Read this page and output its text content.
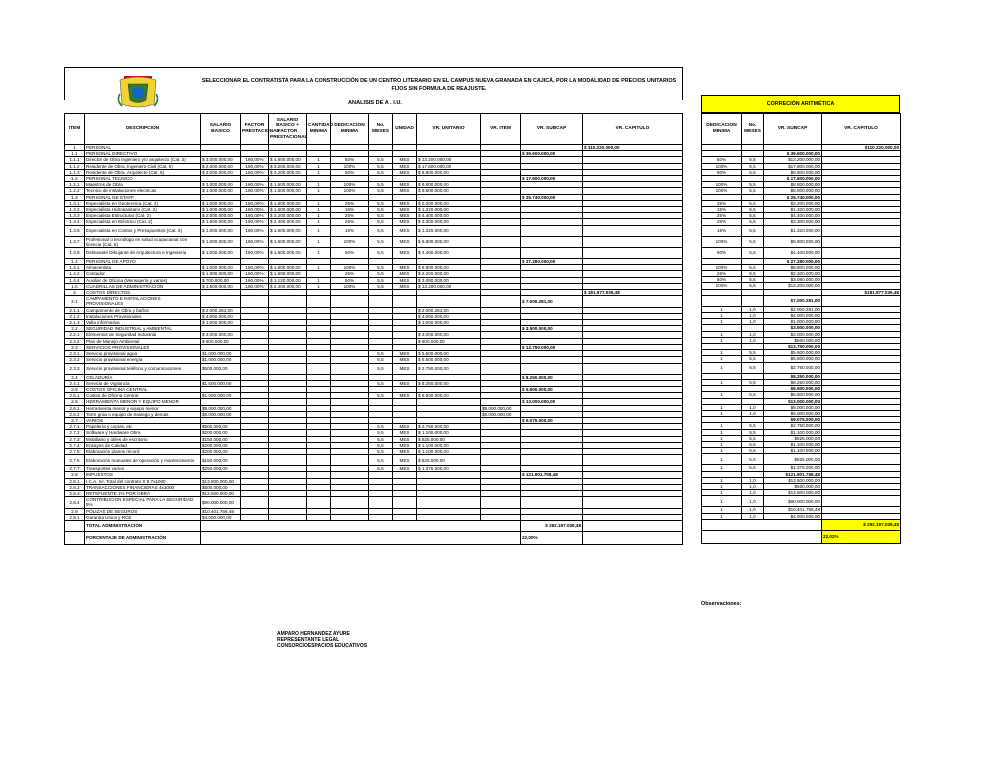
SELECCIONAR EL CONTRATISTA PARA LA CONSTRUCCIÓN DE UN CENTRO LITERARIO EN EL CAMPUS NUEVA GRANADA EN CAJICÁ, POR LA MODALIDAD DE PRECIOS UNITARIOS FIJOS SIN FORMULA DE REAJUSTE.
ANALISIS DE A . I.U.	CORRECIÓN ARITMÉTICA
ITEM	DESCRIPCION	SALARIO BASICO	FACTOR PRESTACIONAL	SALARIO BASICO + FACTOR PRESTACIONAL	CANTIDAD MINIMA	DEDICACION MINIMA	No. MESES	UNIDAD	VR. UNITARIO	VR. ITEM	VR. SUBCAP	VR. CAPITULO
1	PERSONAL											$ 110.220.000,00
1.1	PERSONAL DIRECTIVO										$ 39.600.000,00	
1.1.1	Director de Obra Ingeniero y/o arquitecto (Cat. 2)	$ 3.000.000,00	160,00%	$ 4.800.000,00	1	50%	5,5	MES	$ 13.200.000,00			
1.1.2	Residente de Obra, Ingeniero Civil (Cat. 5)	$ 2.000.000,00	160,00%	$ 3.200.000,00	1	100%	5,5	MES	$ 17.600.000,00			
1.1.3	Residente de Obra, Arquitecto (Cat. 5)	$ 2.000.000,00	160,00%	$ 3.200.000,00	1	50%	5,5	MES	$ 8.800.000,00			
1.2	PERSONAL TECNICO										$ 17.600.000,00	
1.2.1	Maestros de Obra	$ 1.000.000,00	160,00%	$ 1.600.000,00	1	100%	5,5	MES	$ 8.800.000,00			
1.2.2	Tecnico de instalaciones electricas	$ 1.000.000,00	160,00%	$ 1.600.000,00	1	100%	5,5	MES	$ 8.800.000,00			
1.3	PERSONAL DE STAFF										$ 25.740.000,00	
1.3.1	Especialista en Geotecnica (Cat. 2)	$ 1.000.000,00	160,00%	$ 1.600.000,00	1	25%	5,5	MES	$ 2.200.000,00			
1.3.2	Especialista Hidrosanitario (Cat. 2)	$ 1.000.000,00	160,00%	$ 1.600.000,00	1	15%	5,5	MES	$ 1.320.000,00			
1.3.3	Especialista Estructurar (Cat. 2)	$ 2.000.000,00	160,00%	$ 3.200.000,00	1	25%	5,5	MES	$ 4.400.000,00			
1.3.4	Especialista en Eléctrico (Cat. 2)	$ 1.500.000,00	160,00%	$ 2.400.000,00	1	25%	5,5	MES	$ 3.300.000,00			
1.3.6	Especialista en Costos y Presupuestos (Cat. 5)	$ 1.000.000,00	160,00%	$ 1.600.000,00	1	15%	5,5	MES	$ 1.320.000,00			
1.3.7	Profesional o tecnólogo en salud ocupacional con licencia (Cat. 5)	$ 1.000.000,00	160,00%	$ 1.600.000,00	1	100%	5,5	MES	$ 8.800.000,00			
1.3.8	Delineante Dibujante de Arquitectura e Ingeniería	$ 1.000.000,00	160,00%	$ 1.600.000,00	1	50%	5,5	MES	$ 4.400.000,00			
1.4	PERSONAL DE APOYO										$ 27.280.000,00	
1.4.1	Almacenista	$ 1.000.000,00	160,00%	$ 1.600.000,00	1	100%	5,5	MES	$ 8.800.000,00			
1.4.2	Contador	$ 1.000.000,00	160,00%	$ 1.600.000,00		25%	5,5	MES	$ 2.200.000,00			
1.4.4	Auxiliar de Oficina (Mensajería y varios)	$ 700.000,00	160,00%	$ 1.120.000,00	1	50%	5,5	MES	$ 3.080.000,00			
1.5	CUADRILLAS DE ADMINISTRACIÓN	$ 1.500.000,00	160,00%	$ 2.400.000,00	1	100%	5,5	MES	$ 13.200.000,00			
2	COSTOS DIRECTOS											$ 181.977.039,48
2.1	CAMPAMENTO E INSTALACIONES PROVISIONALES										$ 7.000.281,00	
2.1.1	Campamento de Obra y baños	$ 2.000.281,00							$ 2.000.281,00			
2.1.2	Instalaciones Provisionales	$ 4.000.000,00							$ 4.000.000,00			
2.1.3	Valla informativa	$ 1.000.000,00							$ 1.000.000,00			
2.2	SEGURIDAD INDUSTRIAL y AMBIENTAL										$ 3.500.000,00	
2.2.1	Elementos de Seguridad Industrial	$ 3.000.000,00							$ 3.000.000,00			
2.2.2	Plan de Manejo Ambiental	$ 500.000,00							$ 500.000,00			
2.3	SERVICIOS PROVISIONALES										$ 13.750.000,00	
2.3.1	Servicio provisional agua	$1.000.000,00					5,5	MES	$ 5.500.000,00			
2.3.2	Servicio provisional energía	$1.000.000,00					5,5	MES	$ 5.500.000,00			
2.3.3	Servicio provisional teléfono y comunicaciones	$500.000,00					5,5	MES	$ 2.750.000,00			
2.4	CELADURÍA										$ 8.250.000,00	
2.4.1	Servicio de Vigilancia	$1.500.000,00					5,5	MES	$ 8.250.000,00			
2.5	COSTOS OFICINA CENTRAL										$ 5.500.000,00	
2.5.1	Costos de Oficina Central	$1.000.000,00					5,5	MES	$ 5.500.000,00			
2.6	HERRAMIENTA MENOR Y EQUIPO MENOR										$ 13.000.000,00	
2.6.1	Herramienta menor y equipo menor	$8.000.000,00								$8.000.000,00		
2.6.2	Torre grúa o equipo de trasiego y demás	$5.000.000,00								$5.000.000,00		
2.7	VARIOS										$ 9.075.000,00	
2.7.1	Papelería y copias, etc	$500.000,00					5,5	MES	$ 2.750.000,00			
2.7.2	Software y Hardware Obra	$200.000,00					5,5	MES	$ 1.100.000,00			
2.7.3	Mobiliario y útiles de escritorio	$150.000,00					5,5	MES	$ 825.000,00			
2.7.4	Ensayos de Calidad	$200.000,00					5,5	MES	$ 1.100.000,00			
2.7.5	Elaboración planos récord	$200.000,00					5,5	MES	$ 1.100.000,00			
2.7.6	Elaboración manuales de operación y mantenimiento	$150.000,00					5,5	MES	$ 825.000,00			
2.7.7	Transportes varios	$250.000,00					5,5	MES	$ 1.375.000,00			
2.8	IMPUESTOS										$ 121.901.758,48	
2.8.1	I.C.A. Ivr. Total del contrato X 9.7x1000	$13.500.000,00										
2.8.2	TRANSACCIONES FINANCIERAS 4x1000	$500.000,00										
2.8.3	RETEFUENTE 1% POR OBRA	$13.500.000,00										
2.8.4	CONTRIBUCION ESPECIAL PARA LA SEGURIDAD 5%	$80.000.000,00										
2.9	PÓLIZAS DE SEGUROS	$10.401.758,48										
2.9.1	Garantía Única y RCE	$4.000.000,00										
	TOTAL ADMINISTRACIÓN										$ 292.197.039,48	
	PORCENTAJE DE ADMINISTRACIÓN										22,00%	
DEDICACION MINIMA	No. MESES	VR. SUBCAP	VR. CAPITULO
			$110.220.000,00
		$ 39.600.000,00	
50%	5,5	$13.200.000,00	
100%	5,5	$17.600.000,00	
50%	5,5	$8.800.000,00	
		$ 17.600.000,00	
100%	5,5	$8.800.000,00	
100%	5,5	$8.800.000,00	
		$ 25.740.000,00	
25%	5,5	$2.200.000,00	
15%	5,5	$1.320.000,00	
25%	5,5	$4.400.000,00	
25%	5,5	$3.300.000,00	
15%	5,5	$1.320.000,00	
100%	5,5	$8.800.000,00	
50%	5,5	$4.400.000,00	
		$ 27.280.000,00	
100%	5,5	$8.800.000,00	
25%	5,5	$2.200.000,00	
50%	5,5	$3.080.000,00	
100%	5,5	$13.200.000,00	
			$181.977.039,48
		$7.000.281,00	
1	1,0	$2.000.281,00	
1	1,0	$4.000.000,00	
1	1,0	$1.000.000,00	
		$3.500.000,00	
1	1,0	$3.000.000,00	
1	1,0	$500.000,00	
		$13.750.000,00	
1	5,5	$5.500.000,00	
1	5,5	$5.500.000,00	
1	5,5	$2.750.000,00	
		$8.250.000,00	
1	5,5	$8.250.000,00	
		$5.500.000,00	
1	5,5	$5.500.000,00	
		$13.000.000,00	
1	1,0	$8.000.000,00	
1	1,0	$5.000.000,00	
		$9.075.000,00	
1	5,5	$2.750.000,00	
1	5,5	$1.100.000,00	
1	5,5	$825.000,00	
1	5,5	$1.100.000,00	
1	5,5	$1.100.000,00	
1	5,5	$825.000,00	
1	5,5	$1.375.000,00	
		$121.901.758,48	
1	1,0	$13.500.000,00	
1	1,0	$500.000,00	
1	1,0	$13.500.000,00	
1	1,0	$80.000.000,00	
1	1,0	$10.401.758,48	
1	1,0	$4.000.000,00	
			$ 292.197.039,48
			22,02%
Observaciones:
AMPARO HERNANDEZ AYURE
REPRESENTANTE LEGAL
CONSORCIOESPACIOS EDUCATIVOS
